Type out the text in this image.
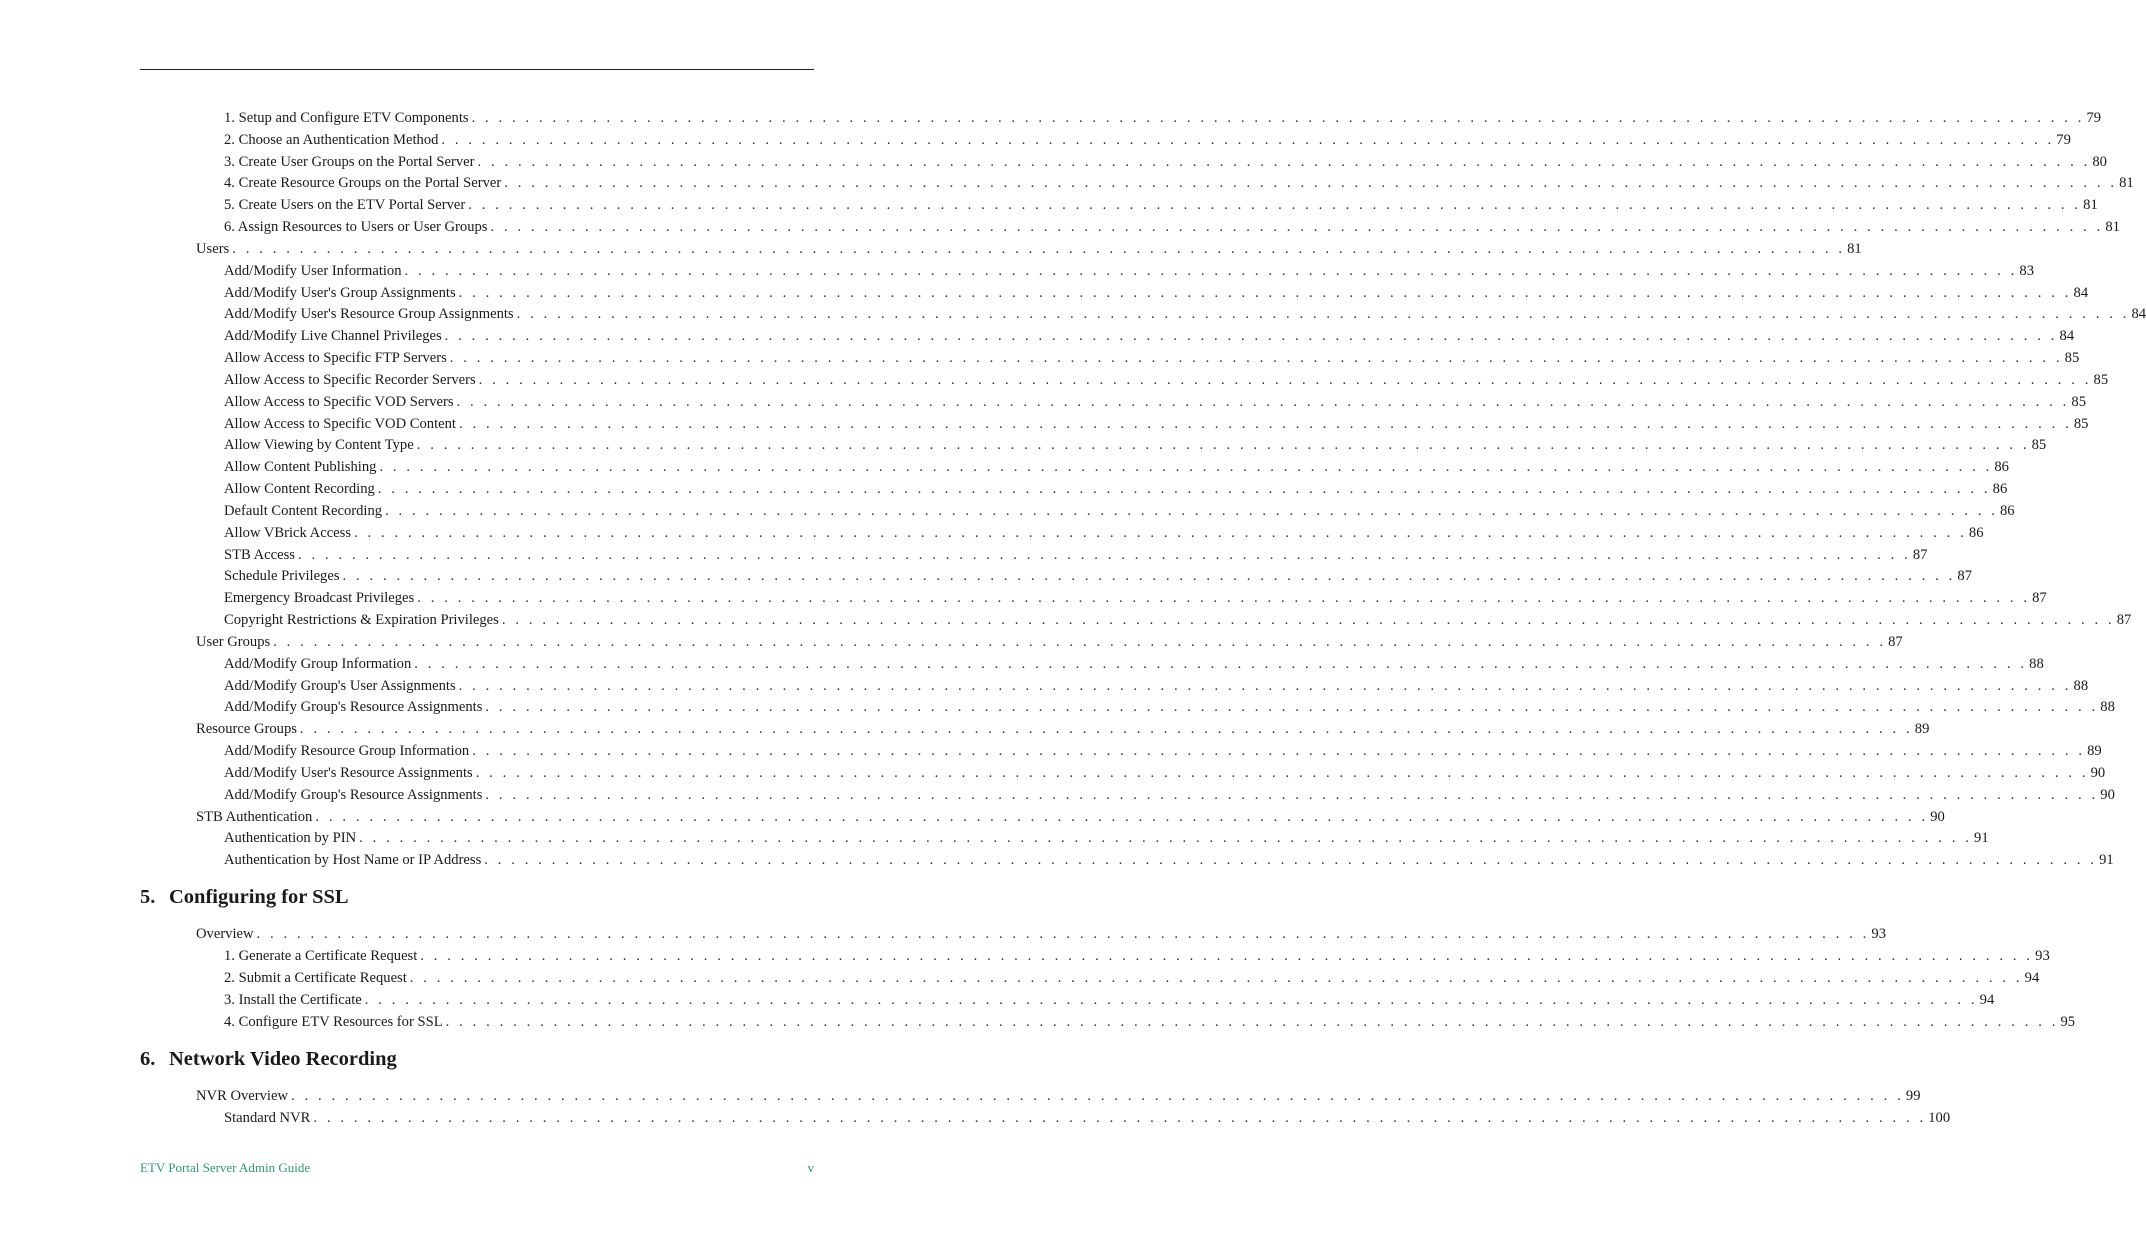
1. Setup and Configure ETV Components . . . . . . . . . . . . . . . . . . . . . . . . . . . . . . . . . . . . . . . . . . . . . . . . . . . . . . . . . . . . . . . . . . . . . . . . . . . . . . . . . . . . . . . . . . . . . . . . . . . . . . . . . . . . . . . . . . . . . . . . 79
2. Choose an Authentication Method . . . . . . . . . . . . . . . . . . . . . . . . . . . . . . . . . . . . . . . . . . . . . . . . . . . . . . . . . . . . . . . . . . . . . . . . . . . . . . . . . . . . . . . . . . . . . . . . . . . . . . . . . . . . . . . . . . . . . . . . 79
3. Create User Groups on the Portal Server . . . . . . . . . . . . . . . . . . . . . . . . . . . . . . . . . . . . . . . . . . . . . . . . . . . . . . . . . . . . . . . . . . . . . . . . . . . . . . . . . . . . . . . . . . . . . . . . . . . . . . . . . . . . . . . . . . . . . . . . 80
4. Create Resource Groups on the Portal Server . . . . . . . . . . . . . . . . . . . . . . . . . . . . . . . . . . . . . . . . . . . . . . . . . . . . . . . . . . . . . . . . . . . . . . . . . . . . . . . . . . . . . . . . . . . . . . . . . . . . . . . . . . . . . . . . . . . . . . . . 81
5. Create Users on the ETV Portal Server . . . . . . . . . . . . . . . . . . . . . . . . . . . . . . . . . . . . . . . . . . . . . . . . . . . . . . . . . . . . . . . . . . . . . . . . . . . . . . . . . . . . . . . . . . . . . . . . . . . . . . . . . . . . . . . . . . . . . . . . 81
6. Assign Resources to Users or User Groups . . . . . . . . . . . . . . . . . . . . . . . . . . . . . . . . . . . . . . . . . . . . . . . . . . . . . . . . . . . . . . . . . . . . . . . . . . . . . . . . . . . . . . . . . . . . . . . . . . . . . . . . . . . . . . . . . . . . . . . . 81
Users . . . . . . . . . . . . . . . . . . . . . . . . . . . . . . . . . . . . . . . . . . . . . . . . . . . . . . . . . . . . . . . . . . . . . . . . . . . . . . . . . . . . . . . . . . . . . . . . . . . . . . . . . . . . . . . . . . . . . . . . 81
Add/Modify User Information . . . . . . . . . . . . . . . . . . . . . . . . . . . . . . . . . . . . . . . . . . . . . . . . . . . . . . . . . . . . . . . . . . . . . . . . . . . . . . . . . . . . . . . . . . . . . . . . . . . . . . . . . . . . . . . . . . . . . . . . 83
Add/Modify User's Group Assignments . . . . . . . . . . . . . . . . . . . . . . . . . . . . . . . . . . . . . . . . . . . . . . . . . . . . . . . . . . . . . . . . . . . . . . . . . . . . . . . . . . . . . . . . . . . . . . . . . . . . . . . . . . . . . . . . . . . . . . . . 84
Add/Modify User's Resource Group Assignments . . . . . . . . . . . . . . . . . . . . . . . . . . . . . . . . . . . . . . . . . . . . . . . . . . . . . . . . . . . . . . . . . . . . . . . . . . . . . . . . . . . . . . . . . . . . . . . . . . . . . . . . . . . . . . . . . . . . . . . . 84
Add/Modify Live Channel Privileges . . . . . . . . . . . . . . . . . . . . . . . . . . . . . . . . . . . . . . . . . . . . . . . . . . . . . . . . . . . . . . . . . . . . . . . . . . . . . . . . . . . . . . . . . . . . . . . . . . . . . . . . . . . . . . . . . . . . . . . . 84
Allow Access to Specific FTP Servers . . . . . . . . . . . . . . . . . . . . . . . . . . . . . . . . . . . . . . . . . . . . . . . . . . . . . . . . . . . . . . . . . . . . . . . . . . . . . . . . . . . . . . . . . . . . . . . . . . . . . . . . . . . . . . . . . . . . . . . . 85
Allow Access to Specific Recorder Servers . . . . . . . . . . . . . . . . . . . . . . . . . . . . . . . . . . . . . . . . . . . . . . . . . . . . . . . . . . . . . . . . . . . . . . . . . . . . . . . . . . . . . . . . . . . . . . . . . . . . . . . . . . . . . . . . . . . . . . . . 85
Allow Access to Specific VOD Servers . . . . . . . . . . . . . . . . . . . . . . . . . . . . . . . . . . . . . . . . . . . . . . . . . . . . . . . . . . . . . . . . . . . . . . . . . . . . . . . . . . . . . . . . . . . . . . . . . . . . . . . . . . . . . . . . . . . . . . . . 85
Allow Access to Specific VOD Content . . . . . . . . . . . . . . . . . . . . . . . . . . . . . . . . . . . . . . . . . . . . . . . . . . . . . . . . . . . . . . . . . . . . . . . . . . . . . . . . . . . . . . . . . . . . . . . . . . . . . . . . . . . . . . . . . . . . . . . . 85
Allow Viewing by Content Type . . . . . . . . . . . . . . . . . . . . . . . . . . . . . . . . . . . . . . . . . . . . . . . . . . . . . . . . . . . . . . . . . . . . . . . . . . . . . . . . . . . . . . . . . . . . . . . . . . . . . . . . . . . . . . . . . . . . . . . . 85
Allow Content Publishing . . . . . . . . . . . . . . . . . . . . . . . . . . . . . . . . . . . . . . . . . . . . . . . . . . . . . . . . . . . . . . . . . . . . . . . . . . . . . . . . . . . . . . . . . . . . . . . . . . . . . . . . . . . . . . . . . . . . . . . . 86
Allow Content Recording . . . . . . . . . . . . . . . . . . . . . . . . . . . . . . . . . . . . . . . . . . . . . . . . . . . . . . . . . . . . . . . . . . . . . . . . . . . . . . . . . . . . . . . . . . . . . . . . . . . . . . . . . . . . . . . . . . . . . . . . 86
Default Content Recording . . . . . . . . . . . . . . . . . . . . . . . . . . . . . . . . . . . . . . . . . . . . . . . . . . . . . . . . . . . . . . . . . . . . . . . . . . . . . . . . . . . . . . . . . . . . . . . . . . . . . . . . . . . . . . . . . . . . . . . . 86
Allow VBrick Access . . . . . . . . . . . . . . . . . . . . . . . . . . . . . . . . . . . . . . . . . . . . . . . . . . . . . . . . . . . . . . . . . . . . . . . . . . . . . . . . . . . . . . . . . . . . . . . . . . . . . . . . . . . . . . . . . . . . . . . . 86
STB Access . . . . . . . . . . . . . . . . . . . . . . . . . . . . . . . . . . . . . . . . . . . . . . . . . . . . . . . . . . . . . . . . . . . . . . . . . . . . . . . . . . . . . . . . . . . . . . . . . . . . . . . . . . . . . . . . . . . . . . . . 87
Schedule Privileges . . . . . . . . . . . . . . . . . . . . . . . . . . . . . . . . . . . . . . . . . . . . . . . . . . . . . . . . . . . . . . . . . . . . . . . . . . . . . . . . . . . . . . . . . . . . . . . . . . . . . . . . . . . . . . . . . . . . . . . . 87
Emergency Broadcast Privileges . . . . . . . . . . . . . . . . . . . . . . . . . . . . . . . . . . . . . . . . . . . . . . . . . . . . . . . . . . . . . . . . . . . . . . . . . . . . . . . . . . . . . . . . . . . . . . . . . . . . . . . . . . . . . . . . . . . . . . . . 87
Copyright Restrictions & Expiration Privileges . . . . . . . . . . . . . . . . . . . . . . . . . . . . . . . . . . . . . . . . . . . . . . . . . . . . . . . . . . . . . . . . . . . . . . . . . . . . . . . . . . . . . . . . . . . . . . . . . . . . . . . . . . . . . . . . . . . . . . . . 87
User Groups . . . . . . . . . . . . . . . . . . . . . . . . . . . . . . . . . . . . . . . . . . . . . . . . . . . . . . . . . . . . . . . . . . . . . . . . . . . . . . . . . . . . . . . . . . . . . . . . . . . . . . . . . . . . . . . . . . . . . . . . 87
Add/Modify Group Information . . . . . . . . . . . . . . . . . . . . . . . . . . . . . . . . . . . . . . . . . . . . . . . . . . . . . . . . . . . . . . . . . . . . . . . . . . . . . . . . . . . . . . . . . . . . . . . . . . . . . . . . . . . . . . . . . . . . . . . . 88
Add/Modify Group's User Assignments . . . . . . . . . . . . . . . . . . . . . . . . . . . . . . . . . . . . . . . . . . . . . . . . . . . . . . . . . . . . . . . . . . . . . . . . . . . . . . . . . . . . . . . . . . . . . . . . . . . . . . . . . . . . . . . . . . . . . . . . 88
Add/Modify Group's Resource Assignments . . . . . . . . . . . . . . . . . . . . . . . . . . . . . . . . . . . . . . . . . . . . . . . . . . . . . . . . . . . . . . . . . . . . . . . . . . . . . . . . . . . . . . . . . . . . . . . . . . . . . . . . . . . . . . . . . . . . . . . . 88
Resource Groups . . . . . . . . . . . . . . . . . . . . . . . . . . . . . . . . . . . . . . . . . . . . . . . . . . . . . . . . . . . . . . . . . . . . . . . . . . . . . . . . . . . . . . . . . . . . . . . . . . . . . . . . . . . . . . . . . . . . . . . . 89
Add/Modify Resource Group Information . . . . . . . . . . . . . . . . . . . . . . . . . . . . . . . . . . . . . . . . . . . . . . . . . . . . . . . . . . . . . . . . . . . . . . . . . . . . . . . . . . . . . . . . . . . . . . . . . . . . . . . . . . . . . . . . . . . . . . . . 89
Add/Modify User's Resource Assignments . . . . . . . . . . . . . . . . . . . . . . . . . . . . . . . . . . . . . . . . . . . . . . . . . . . . . . . . . . . . . . . . . . . . . . . . . . . . . . . . . . . . . . . . . . . . . . . . . . . . . . . . . . . . . . . . . . . . . . . . 90
Add/Modify Group's Resource Assignments . . . . . . . . . . . . . . . . . . . . . . . . . . . . . . . . . . . . . . . . . . . . . . . . . . . . . . . . . . . . . . . . . . . . . . . . . . . . . . . . . . . . . . . . . . . . . . . . . . . . . . . . . . . . . . . . . . . . . . . . 90
STB Authentication . . . . . . . . . . . . . . . . . . . . . . . . . . . . . . . . . . . . . . . . . . . . . . . . . . . . . . . . . . . . . . . . . . . . . . . . . . . . . . . . . . . . . . . . . . . . . . . . . . . . . . . . . . . . . . . . . . . . . . . . 90
Authentication by PIN . . . . . . . . . . . . . . . . . . . . . . . . . . . . . . . . . . . . . . . . . . . . . . . . . . . . . . . . . . . . . . . . . . . . . . . . . . . . . . . . . . . . . . . . . . . . . . . . . . . . . . . . . . . . . . . . . . . . . . . . 91
Authentication by Host Name or IP Address . . . . . . . . . . . . . . . . . . . . . . . . . . . . . . . . . . . . . . . . . . . . . . . . . . . . . . . . . . . . . . . . . . . . . . . . . . . . . . . . . . . . . . . . . . . . . . . . . . . . . . . . . . . . . . . . . . . . . . . . 91
5. Configuring for SSL
Overview . . . . . . . . . . . . . . . . . . . . . . . . . . . . . . . . . . . . . . . . . . . . . . . . . . . . . . . . . . . . . . . . . . . . . . . . . . . . . . . . . . . . . . . . . . . . . . . . . . . . . . . . . . . . . . . . . . . . . . . . 93
1. Generate a Certificate Request . . . . . . . . . . . . . . . . . . . . . . . . . . . . . . . . . . . . . . . . . . . . . . . . . . . . . . . . . . . . . . . . . . . . . . . . . . . . . . . . . . . . . . . . . . . . . . . . . . . . . . . . . . . . . . . . . . . . . . . . 93
2. Submit a Certificate Request . . . . . . . . . . . . . . . . . . . . . . . . . . . . . . . . . . . . . . . . . . . . . . . . . . . . . . . . . . . . . . . . . . . . . . . . . . . . . . . . . . . . . . . . . . . . . . . . . . . . . . . . . . . . . . . . . . . . . . . . 94
3. Install the Certificate . . . . . . . . . . . . . . . . . . . . . . . . . . . . . . . . . . . . . . . . . . . . . . . . . . . . . . . . . . . . . . . . . . . . . . . . . . . . . . . . . . . . . . . . . . . . . . . . . . . . . . . . . . . . . . . . . . . . . . . . 94
4. Configure ETV Resources for SSL . . . . . . . . . . . . . . . . . . . . . . . . . . . . . . . . . . . . . . . . . . . . . . . . . . . . . . . . . . . . . . . . . . . . . . . . . . . . . . . . . . . . . . . . . . . . . . . . . . . . . . . . . . . . . . . . . . . . . . . . 95
6. Network Video Recording
NVR Overview . . . . . . . . . . . . . . . . . . . . . . . . . . . . . . . . . . . . . . . . . . . . . . . . . . . . . . . . . . . . . . . . . . . . . . . . . . . . . . . . . . . . . . . . . . . . . . . . . . . . . . . . . . . . . . . . . . . . . . . . 99
Standard NVR . . . . . . . . . . . . . . . . . . . . . . . . . . . . . . . . . . . . . . . . . . . . . . . . . . . . . . . . . . . . . . . . . . . . . . . . . . . . . . . . . . . . . . . . . . . . . . . . . . . . . . . . . . . . . . . . . . . . . . . . 100
ETV Portal Server Admin Guide	v
